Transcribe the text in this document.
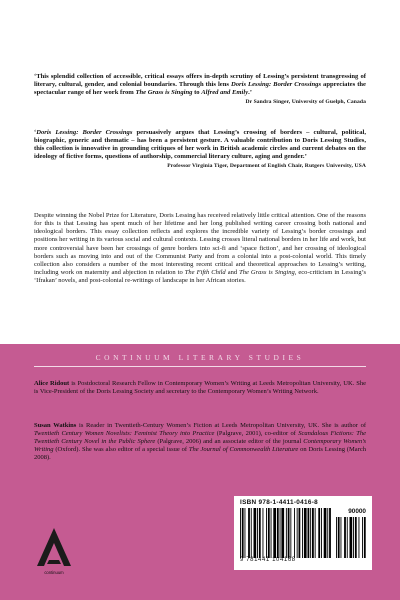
‘This splendid collection of accessible, critical essays offers in-depth scrutiny of Lessing’s persistent transgressing of literary, cultural, gender, and colonial boundaries. Through this lens Doris Lessing: Border Crossings appreciates the spectacular range of her work from The Grass is Singing to Alfred and Emily.’
Dr Sandra Singer, University of Guelph, Canada
‘Doris Lessing: Border Crossings persuasively argues that Lessing’s crossing of borders – cultural, political, biographic, generic and thematic – has been a persistent gesture. A valuable contribution to Doris Lessing Studies, this collection is innovative in grounding critiques of her work in British academic circles and current debates on the ideology of fictive forms, questions of authorship, commercial literary culture, aging and gender.’
Professor Virginia Tiger, Department of English Chair, Rutgers University, USA
Despite winning the Nobel Prize for Literature, Doris Lessing has received relatively little critical attention. One of the reasons for this is that Lessing has spent much of her lifetime and her long published writing career crossing both national and ideological borders. This essay collection reflects and explores the incredible variety of Lessing’s border crossings and positions her writing in its various social and cultural contexts. Lessing crosses literal national borders in her life and work, but more controversial have been her crossings of genre borders into sci-fi and ‘space fiction’, and her crossing of ideological borders such as moving into and out of the Communist Party and from a colonial into a post-colonial world. This timely collection also considers a number of the most interesting recent critical and theoretical approaches to Lessing’s writing, including work on maternity and abjection in relation to The Fifth Child and The Grass is Singing, eco-criticism in Lessing’s ‘Ifrakan’ novels, and post-colonial re-writings of landscape in her African stories.
CONTINUUM LITERARY STUDIES
Alice Ridout is Postdoctoral Research Fellow in Contemporary Women’s Writing at Leeds Metropolitan University, UK. She is Vice-President of the Doris Lessing Society and secretary to the Contemporary Women’s Writing Network.
Susan Watkins is Reader in Twentieth-Century Women’s Fiction at Leeds Metropolitan University, UK. She is author of Twentieth Century Women Novelists: Feminist Theory into Practice (Palgrave, 2001), co-editor of Scandalous Fictions: The Twentieth Century Novel in the Public Sphere (Palgrave, 2006) and an associate editor of the journal Contemporary Women’s Writing (Oxford). She was also editor of a special issue of The Journal of Commonwealth Literature on Doris Lessing (March 2008).
continuum
ISBN 978-1-4411-0416-8
90000
9 781441 104168
